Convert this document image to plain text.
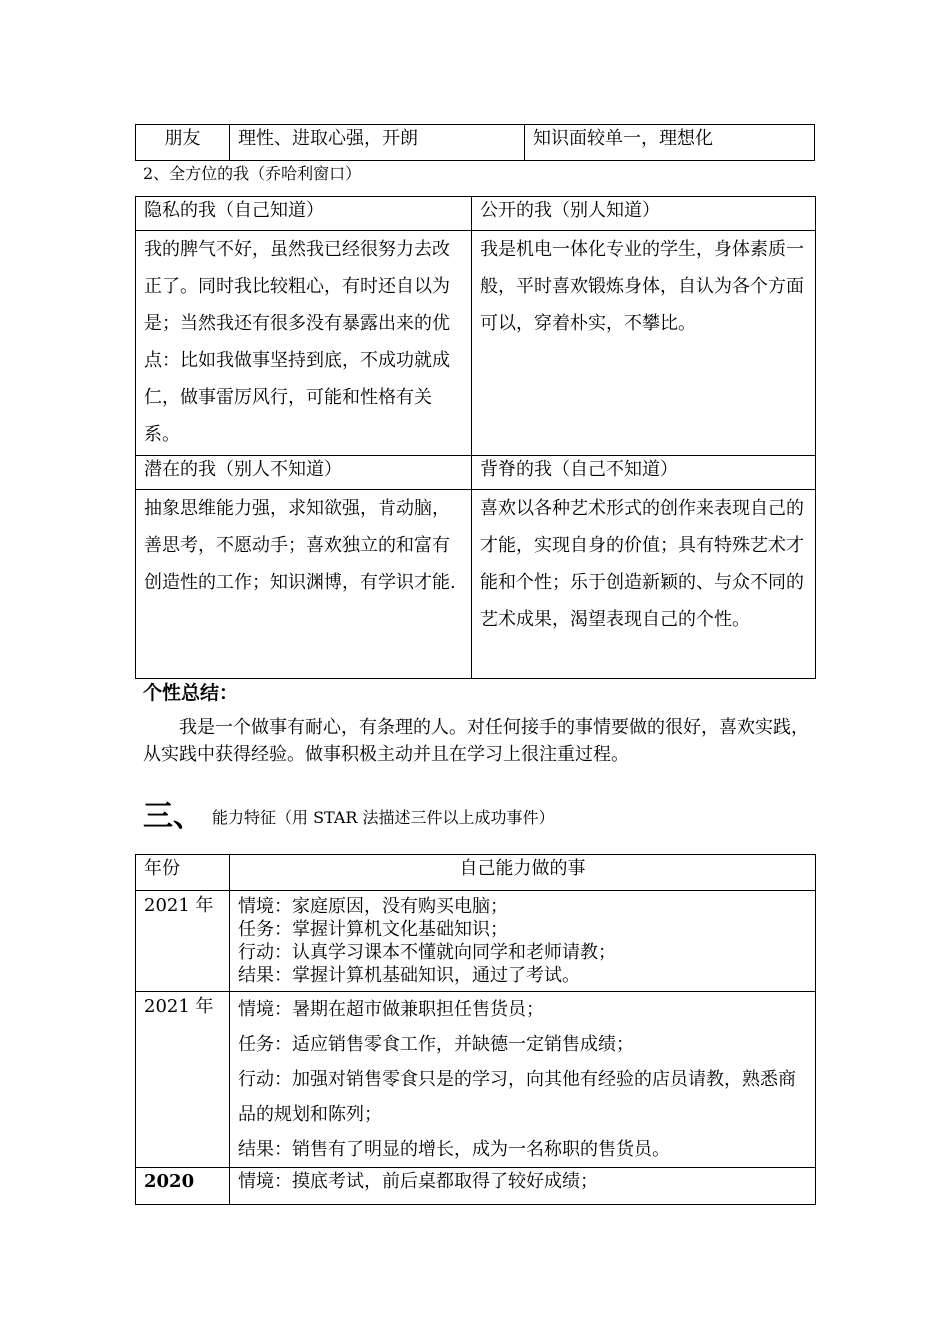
朋友	理性、进取心强，开朗	知识面较单一，理想化
2、全方位的我（乔哈利窗口）
隐私的我（自己知道）	公开的我（别人知道）
我的脾气不好，虽然我已经很努力去改正了。同时我比较粗心，有时还自以为是；当然我还有很多没有暴露出来的优点：比如我做事坚持到底，不成功就成仁，做事雷厉风行，可能和性格有关系。	我是机电一体化专业的学生，身体素质一般，平时喜欢锻炼身体，自认为各个方面可以，穿着朴实，不攀比。
潜在的我（别人不知道）	背脊的我（自己不知道）
抽象思维能力强，求知欲强，肯动脑，善思考，不愿动手；喜欢独立的和富有创造性的工作；知识渊博，有学识才能.	喜欢以各种艺术形式的创作来表现自己的才能，实现自身的价值；具有特殊艺术才能和个性；乐于创造新颖的、与众不同的艺术成果，渴望表现自己的个性。
个性总结：
我是一个做事有耐心，有条理的人。对任何接手的事情要做的很好，喜欢实践，从实践中获得经验。做事积极主动并且在学习上很注重过程。
三、 能力特征（用 STAR 法描述三件以上成功事件）
年份	自己能力做的事
2021 年	情境：家庭原因，没有购买电脑；
任务：掌握计算机文化基础知识；
行动：认真学习课本不懂就向同学和老师请教；
结果：掌握计算机基础知识，通过了考试。

2021 年	情境：暑期在超市做兼职担任售货员；
任务：适应销售零食工作，并缺德一定销售成绩；
行动：加强对销售零食只是的学习，向其他有经验的店员请教，熟悉商品的规划和陈列；
结果：销售有了明显的增长，成为一名称职的售货员。

2020	情境：摸底考试，前后桌都取得了较好成绩；
